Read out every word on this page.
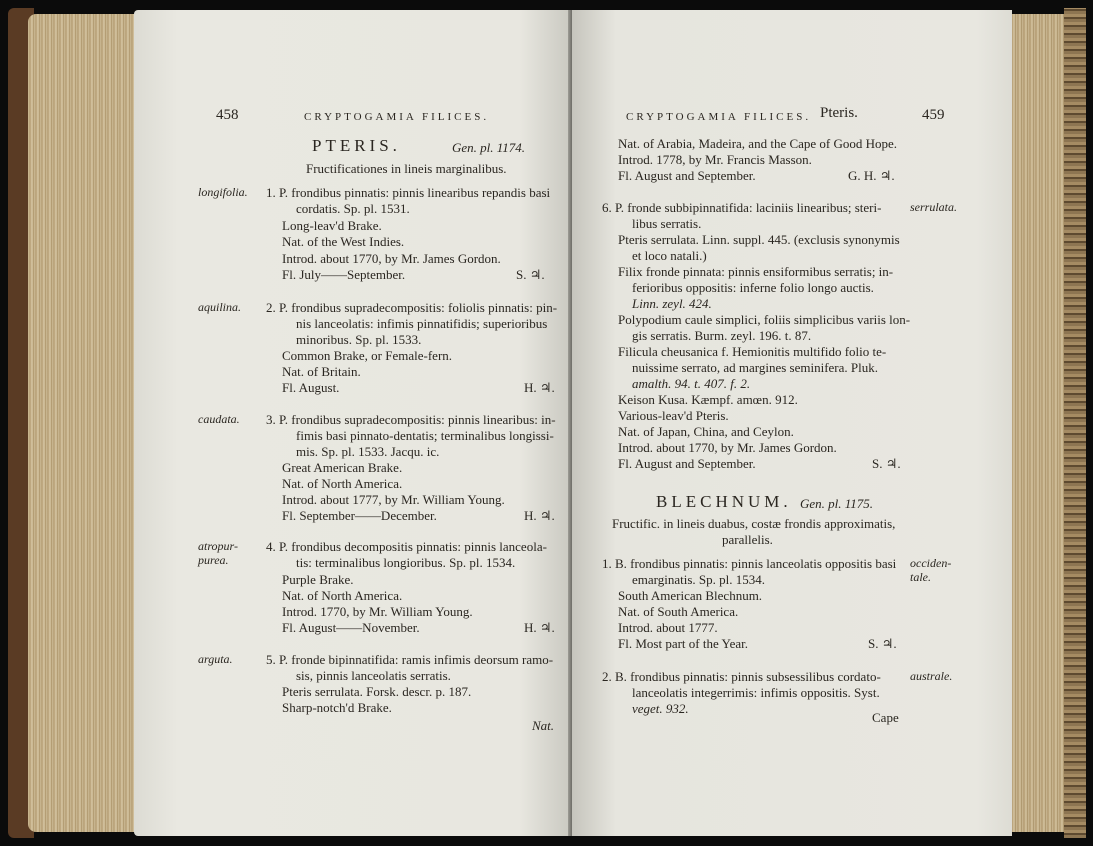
458	CRYPTOGAMIA FILICES.
PTERIS.	Gen. pl. 1174.
Fructificationes in lineis marginalibus.
longifolia. 1. P. frondibus pinnatis: pinnis linearibus repandis basi
cordatis. Sp. pl. 1531.
Long-leav'd Brake.
Nat. of the West Indies.
Introd. about 1770, by Mr. James Gordon.
Fl. July——September.	S. ♃.
aquilina. 2. P. frondibus supradecompositis: foliolis pinnatis: pin-
nis lanceolatis: infimis pinnatifidis; superioribus
minoribus. Sp. pl. 1533.
Common Brake, or Female-fern.
Nat. of Britain.
Fl. August.	H. ♃.
caudata. 3. P. frondibus supradecompositis: pinnis linearibus: in-
fimis basi pinnato-dentatis; terminalibus longissi-
mis. Sp. pl. 1533. Jacqu. ic.
Great American Brake.
Nat. of North America.
Introd. about 1777, by Mr. William Young.
Fl. September——December.	H. ♃.
atropur-
purea.
4. P. frondibus decompositis pinnatis: pinnis lanceola-
tis: terminalibus longioribus. Sp. pl. 1534.
Purple Brake.
Nat. of North America.
Introd. 1770, by Mr. William Young.
Fl. August——November.	H. ♃.
arguta.	5. P. fronde bipinnatifida: ramis infimis deorsum ramo-
sis, pinnis lanceolatis serratis.
Pteris serrulata. Forsk. descr. p. 187.
Sharp-notch'd Brake.
Nat.
CRYPTOGAMIA FILICES. Pteris.	459
Nat. of Arabia, Madeira, and the Cape of Good Hope.
Introd. 1778, by Mr. Francis Masson.
Fl. August and September.	G. H. ♃.
6. P. fronde subbipinnatifida: laciniis linearibus; steri- serrulata.
libus serratis.
Pteris serrulata. Linn. suppl. 445. (exclusis synonymis
et loco natali.)
Filix fronde pinnata: pinnis ensiformibus serratis; in-
ferioribus oppositis: inferne folio longo auctis.
Linn. zeyl. 424.
Polypodium caule simplici, foliis simplicibus variis lon-
gis serratis. Burm. zeyl. 196. t. 87.
Filicula cheusanica f. Hemionitis multifido folio te-
nuissime serrato, ad margines seminifera. Pluk.
amalth. 94. t. 407. f. 2.
Keison Kusa. Kæmpf. amœn. 912.
Various-leav'd Pteris.
Nat. of Japan, China, and Ceylon.
Introd. about 1770, by Mr. James Gordon.
Fl. August and September.	S. ♃.
BLECHNUM. Gen. pl. 1175.
Fructific. in lineis duabus, costæ frondis approximatis,
parallelis.
1. B. frondibus pinnatis: pinnis lanceolatis oppositis basi occiden-
tale.
emarginatis. Sp. pl. 1534.
South American Blechnum.
Nat. of South America.
Introd. about 1777.
Fl. Most part of the Year.	S. ♃.
2. B. frondibus pinnatis: pinnis subsessilibus cordato- australe.
lanceolatis integerrimis: infimis oppositis. Syst.
veget. 932.
Cape
